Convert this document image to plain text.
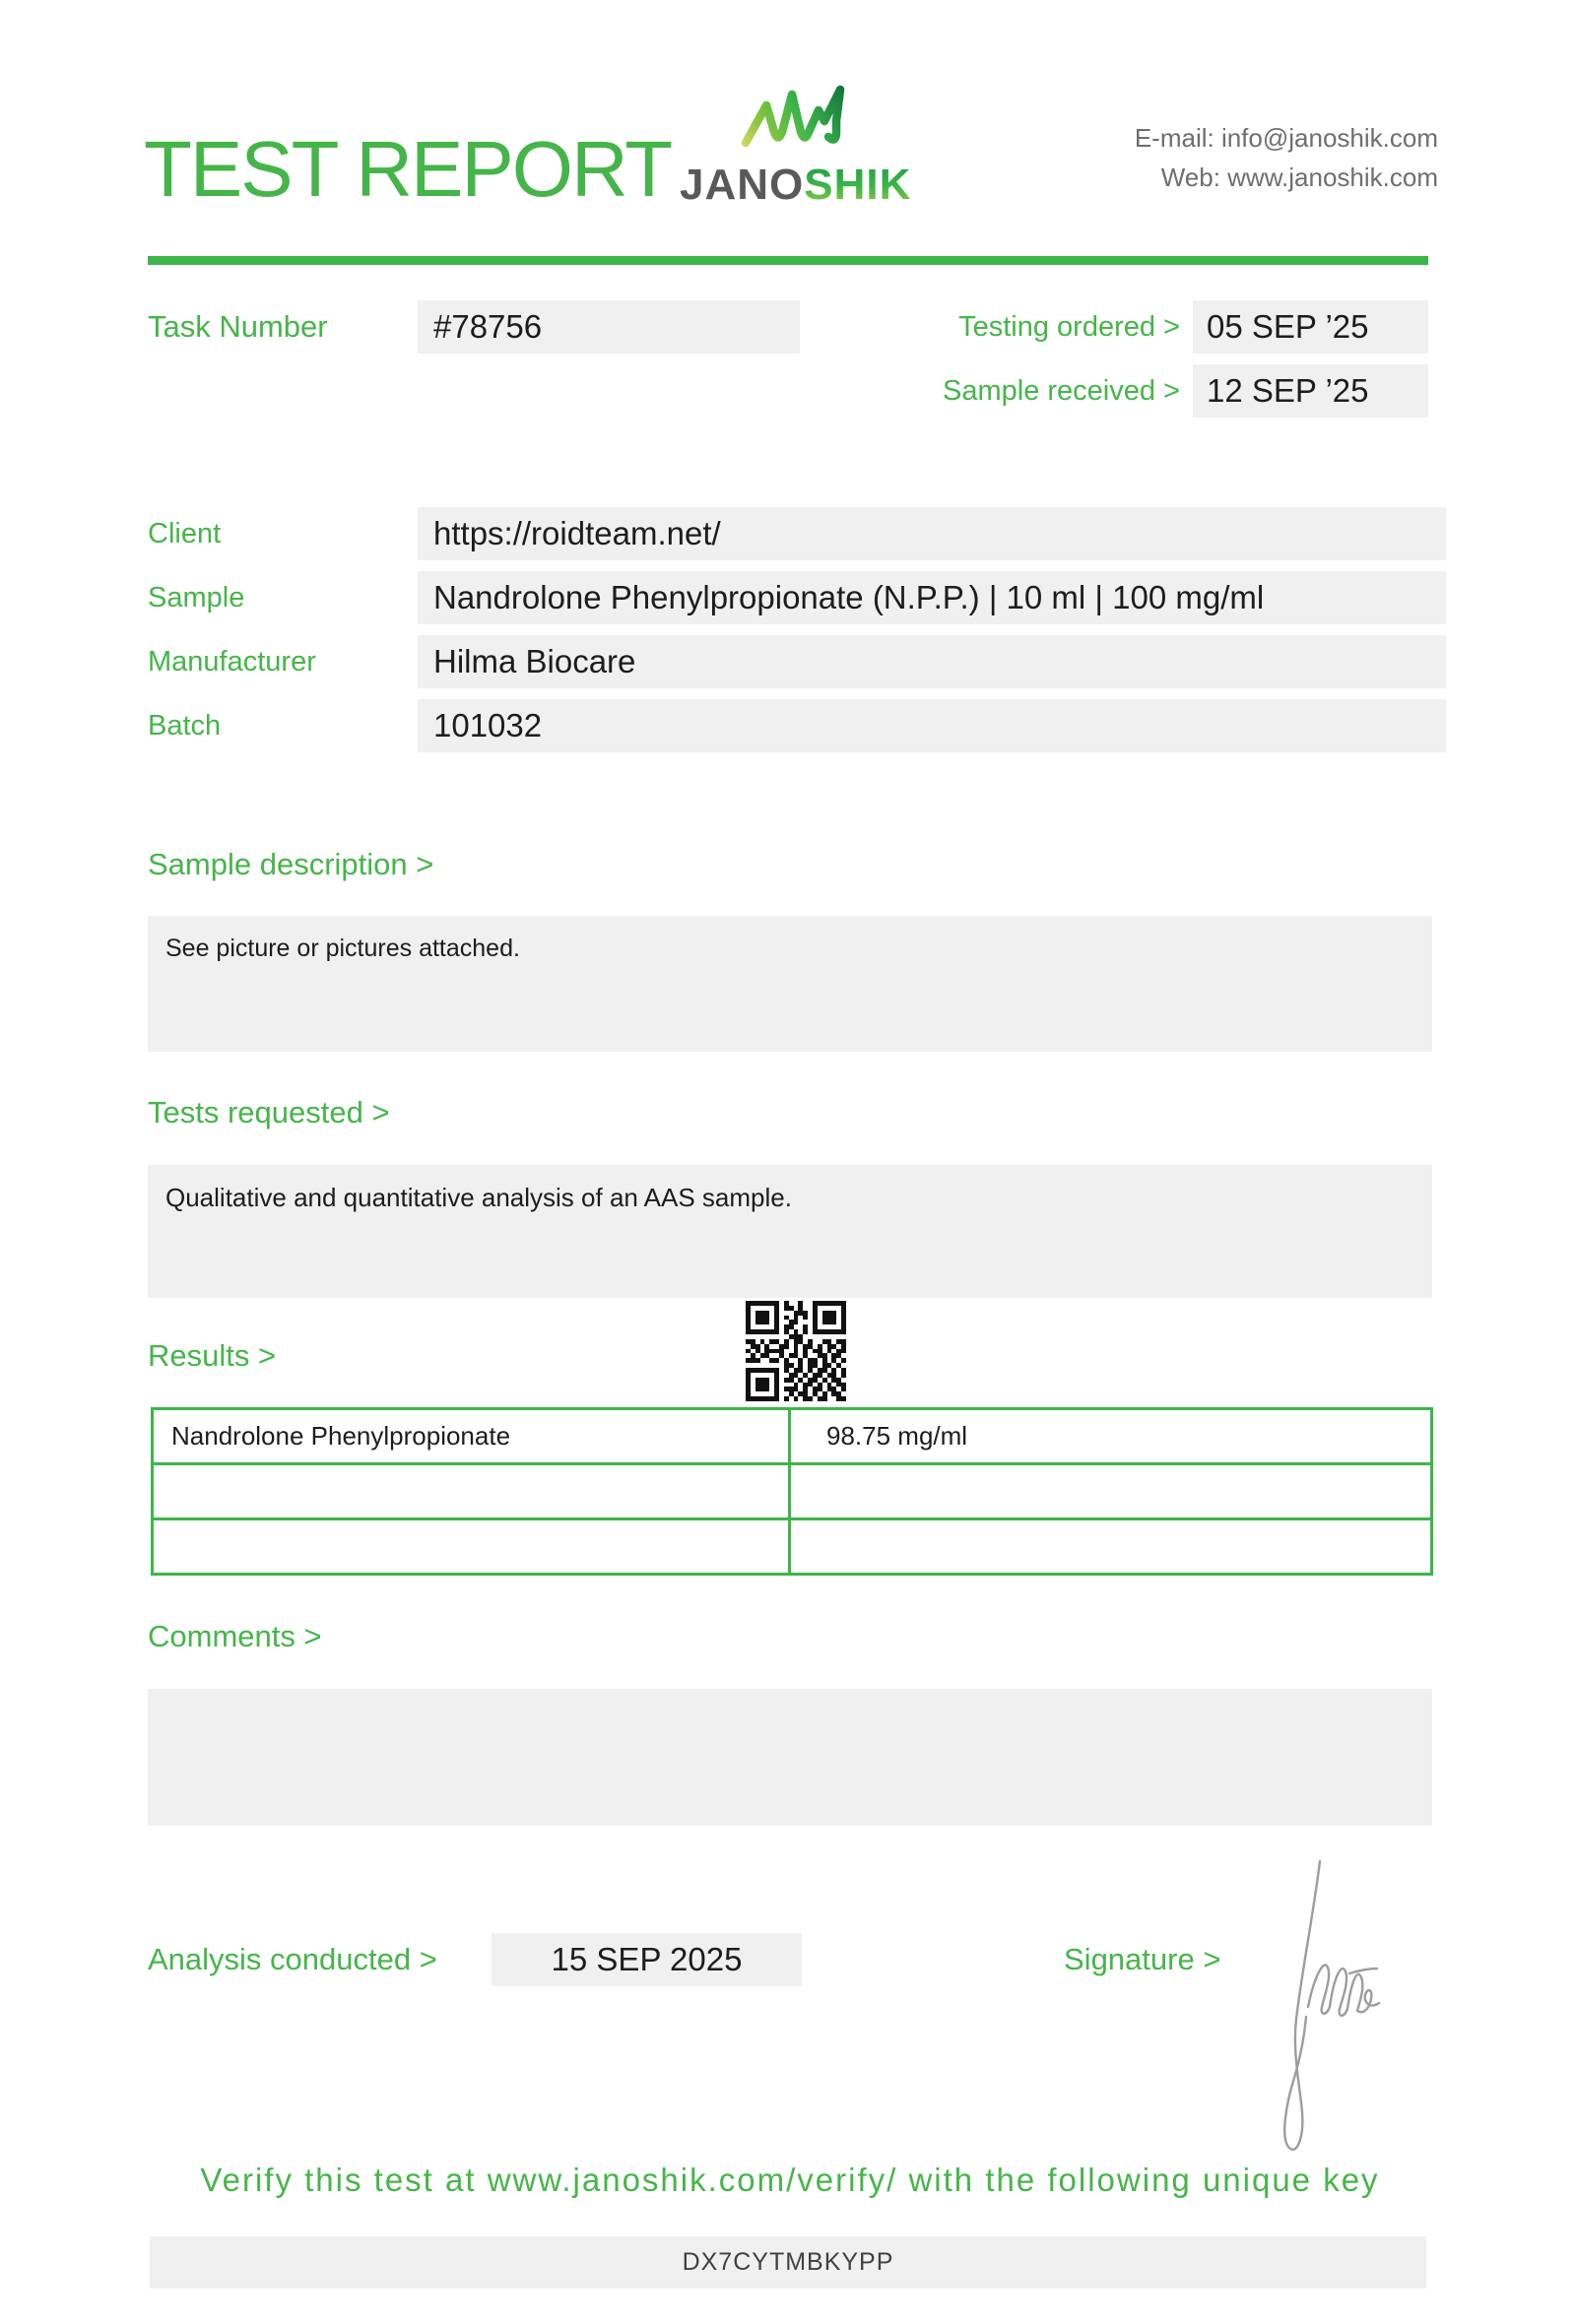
TEST REPORT JANOSHIK
E-mail: info@janoshik.com
Web: www.janoshik.com
Task Number	#78756	Testing ordered > 05 SEP ’25
Sample received > 12 SEP ’25
Client	https://roidteam.net/
Sample	Nandrolone Phenylpropionate (N.P.P.) | 10 ml | 100 mg/ml
Manufacturer	Hilma Biocare
Batch	101032
Sample description >
See picture or pictures attached.
Tests requested >
Qualitative and quantitative analysis of an AAS sample.
Results >
Nandrolone Phenylpropionate	98.75 mg/ml
Comments >
Analysis conducted >	15 SEP 2025	Signature >
Verify this test at www.janoshik.com/verify/ with the following unique key
DX7CYTMBKYPP
